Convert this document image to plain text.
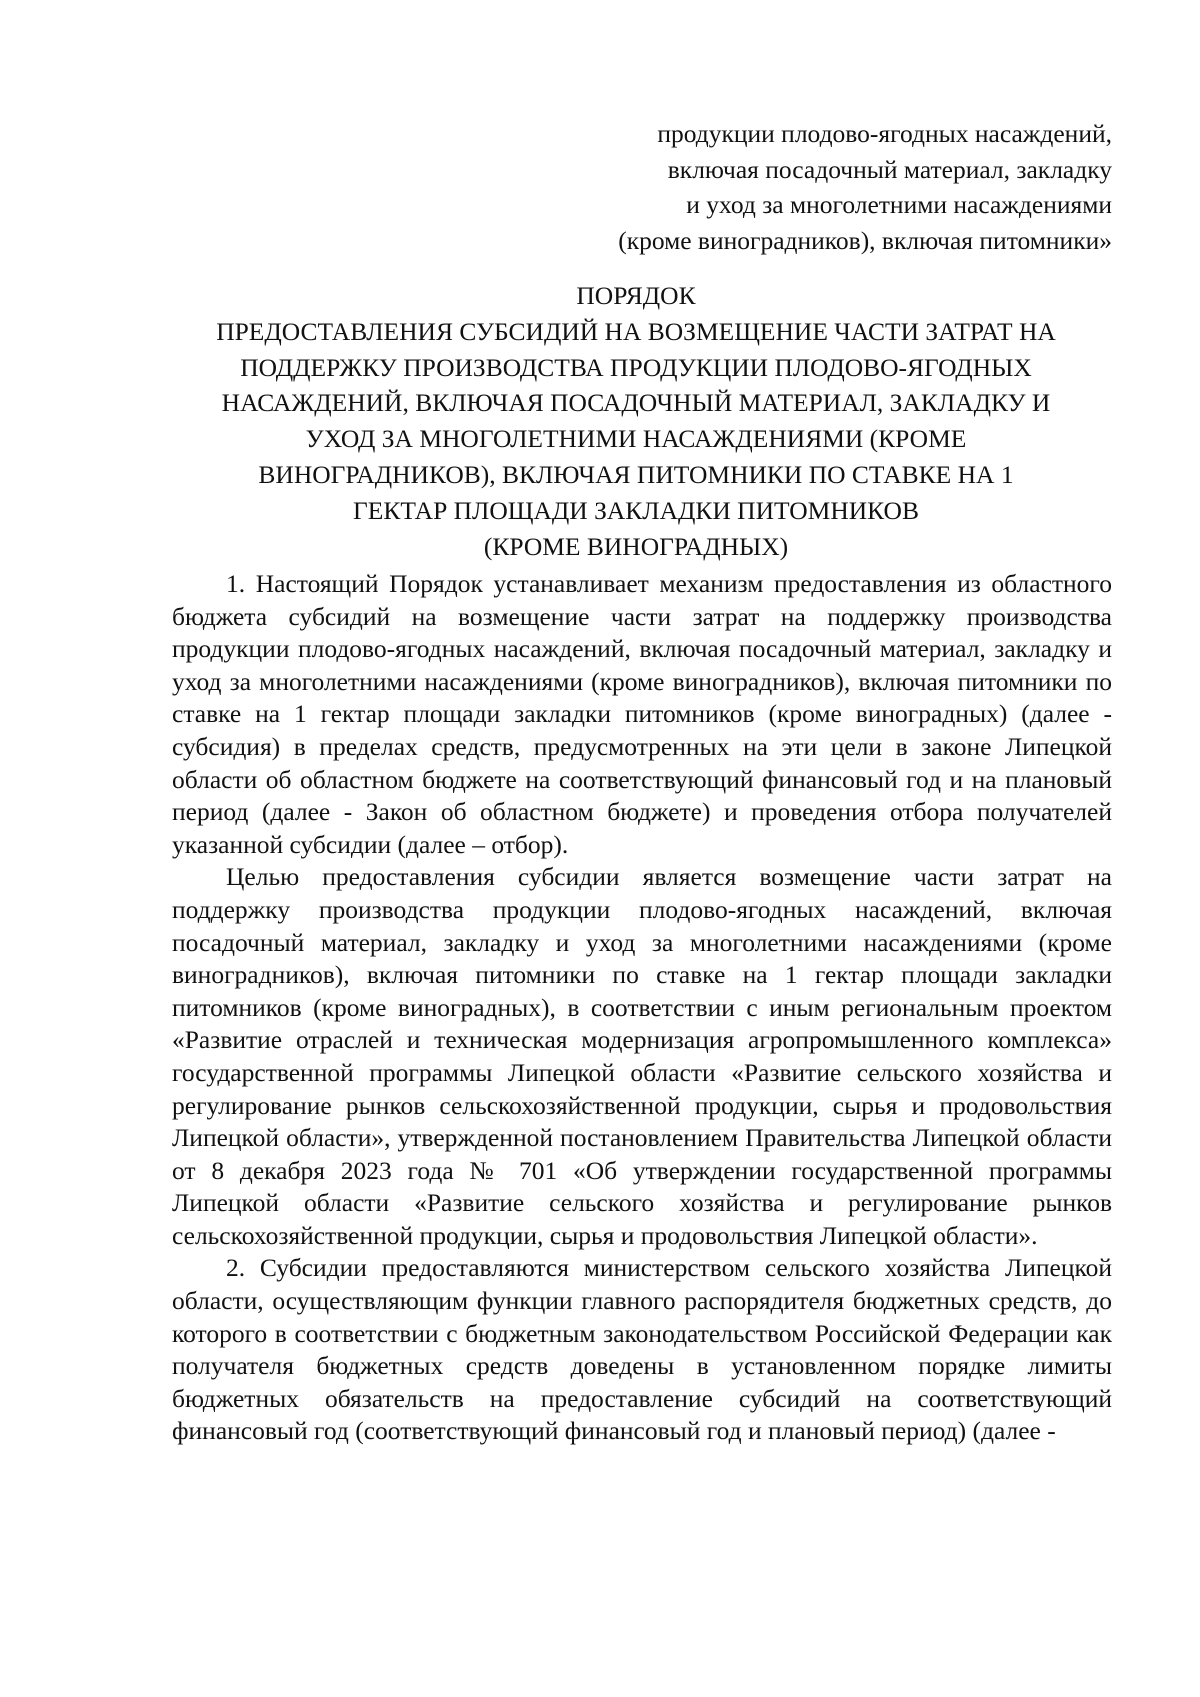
продукции плодово-ягодных насаждений,
включая посадочный материал, закладку
и уход за многолетними насаждениями
(кроме виноградников), включая питомники»
ПОРЯДОК
ПРЕДОСТАВЛЕНИЯ СУБСИДИЙ НА ВОЗМЕЩЕНИЕ ЧАСТИ ЗАТРАТ НА
ПОДДЕРЖКУ ПРОИЗВОДСТВА ПРОДУКЦИИ ПЛОДОВО-ЯГОДНЫХ
НАСАЖДЕНИЙ, ВКЛЮЧАЯ ПОСАДОЧНЫЙ МАТЕРИАЛ, ЗАКЛАДКУ И
УХОД ЗА МНОГОЛЕТНИМИ НАСАЖДЕНИЯМИ (КРОМЕ
ВИНОГРАДНИКОВ), ВКЛЮЧАЯ ПИТОМНИКИ ПО СТАВКЕ НА 1
ГЕКТАР ПЛОЩАДИ ЗАКЛАДКИ ПИТОМНИКОВ
(КРОМЕ ВИНОГРАДНЫХ)

1. Настоящий Порядок устанавливает механизм предоставления из областного бюджета субсидий на возмещение части затрат на поддержку производства продукции плодово-ягодных насаждений, включая посадочный материал, закладку и уход за многолетними насаждениями (кроме виноградников), включая питомники по ставке на 1 гектар площади закладки питомников (кроме виноградных) (далее - субсидия) в пределах средств, предусмотренных на эти цели в законе Липецкой области об областном бюджете на соответствующий финансовый год и на плановый период (далее - Закон об областном бюджете) и проведения отбора получателей указанной субсидии (далее – отбор).

Целью предоставления субсидии является возмещение части затрат на поддержку производства продукции плодово-ягодных насаждений, включая посадочный материал, закладку и уход за многолетними насаждениями (кроме виноградников), включая питомники по ставке на 1 гектар площади закладки питомников (кроме виноградных), в соответствии с иным региональным проектом «Развитие отраслей и техническая модернизация агропромышленного комплекса» государственной программы Липецкой области «Развитие сельского хозяйства и регулирование рынков сельскохозяйственной продукции, сырья и продовольствия Липецкой области», утвержденной постановлением Правительства Липецкой области от 8 декабря 2023 года № 701 «Об утверждении государственной программы Липецкой области «Развитие сельского хозяйства и регулирование рынков сельскохозяйственной продукции, сырья и продовольствия Липецкой области».

2. Субсидии предоставляются министерством сельского хозяйства Липецкой области, осуществляющим функции главного распорядителя бюджетных средств, до которого в соответствии с бюджетным законодательством Российской Федерации как получателя бюджетных средств доведены в установленном порядке лимиты бюджетных обязательств на предоставление субсидий на соответствующий финансовый год (соответствующий финансовый год и плановый период) (далее -
